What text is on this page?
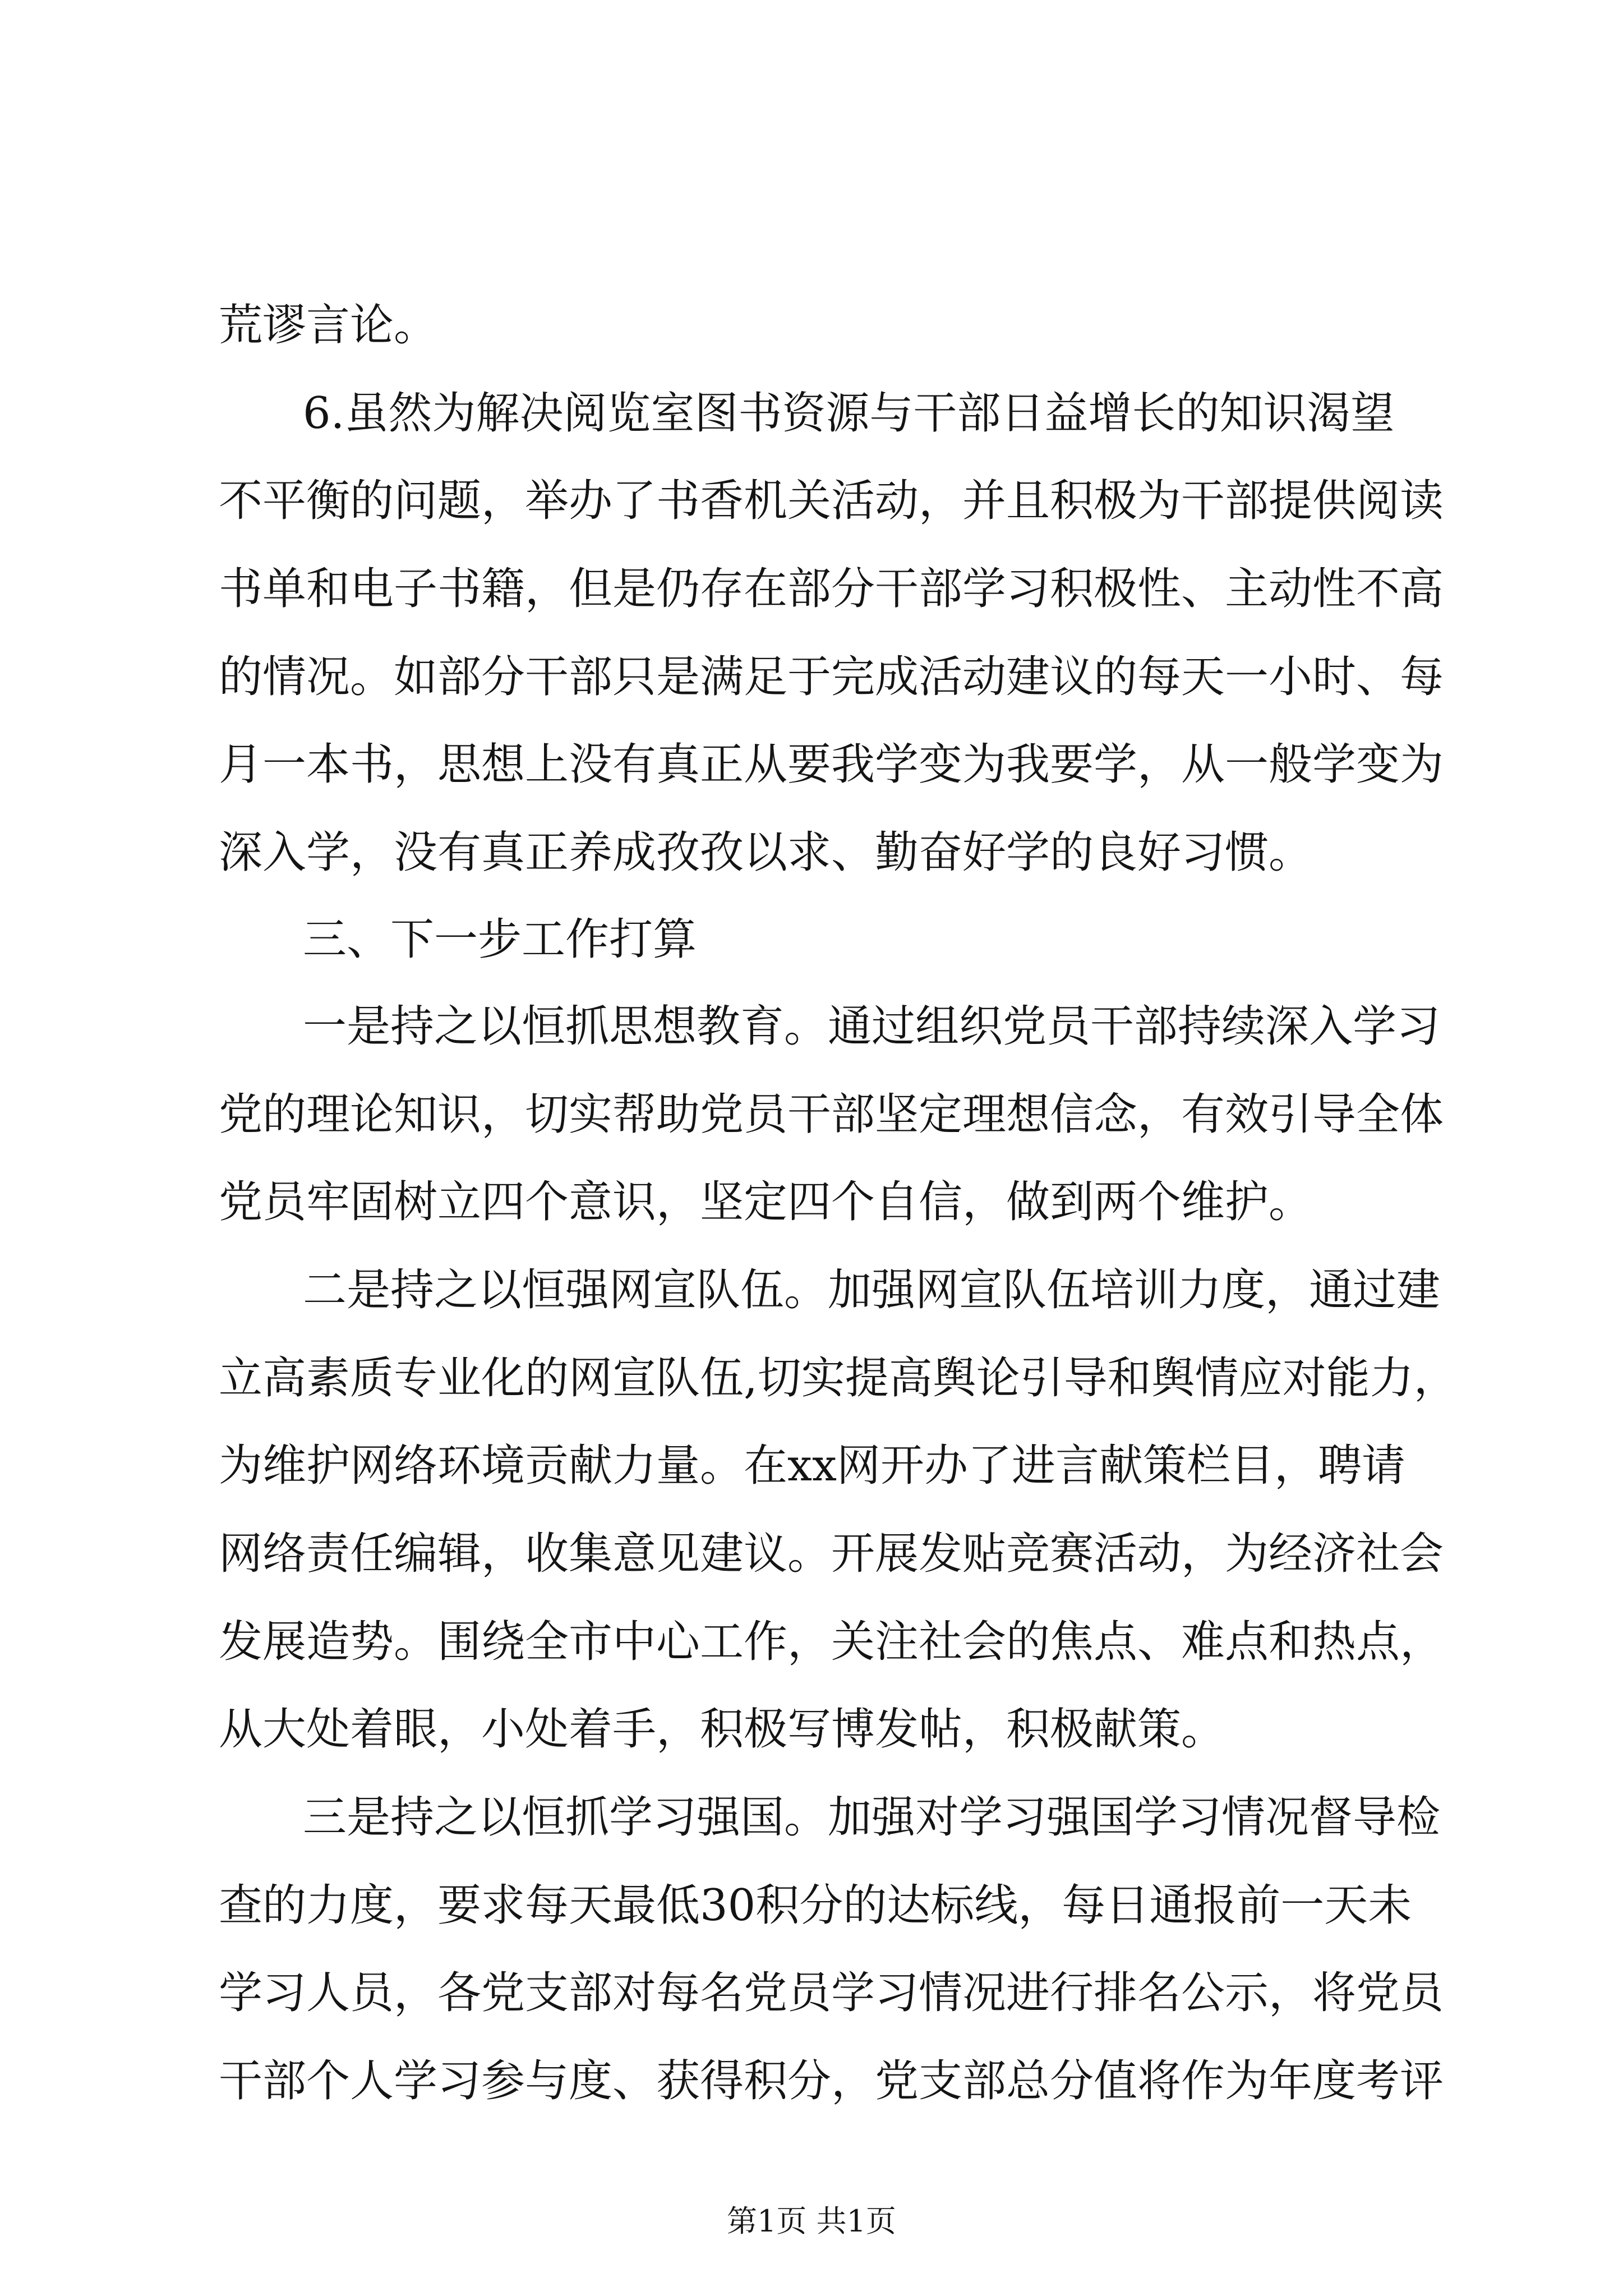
荒谬言论。
6.虽然为解决阅览室图书资源与干部日益增长的知识渴望
不平衡的问题，举办了书香机关活动，并且积极为干部提供阅读
书单和电子书籍，但是仍存在部分干部学习积极性、主动性不高
的情况。如部分干部只是满足于完成活动建议的每天一小时、每
月一本书，思想上没有真正从要我学变为我要学，从一般学变为
深入学，没有真正养成孜孜以求、勤奋好学的良好习惯。
三、下一步工作打算
一是持之以恒抓思想教育。通过组织党员干部持续深入学习
党的理论知识，切实帮助党员干部坚定理想信念，有效引导全体
党员牢固树立四个意识，坚定四个自信，做到两个维护。
二是持之以恒强网宣队伍。加强网宣队伍培训力度，通过建
立高素质专业化的网宣队伍,切实提高舆论引导和舆情应对能力，
为维护网络环境贡献力量。在xx网开办了进言献策栏目，聘请
网络责任编辑，收集意见建议。开展发贴竞赛活动，为经济社会
发展造势。围绕全市中心工作，关注社会的焦点、难点和热点，
从大处着眼，小处着手，积极写博发帖，积极献策。
三是持之以恒抓学习强国。加强对学习强国学习情况督导检
查的力度，要求每天最低30积分的达标线，每日通报前一天未
学习人员，各党支部对每名党员学习情况进行排名公示，将党员
干部个人学习参与度、获得积分，党支部总分值将作为年度考评
第1页 共1页
